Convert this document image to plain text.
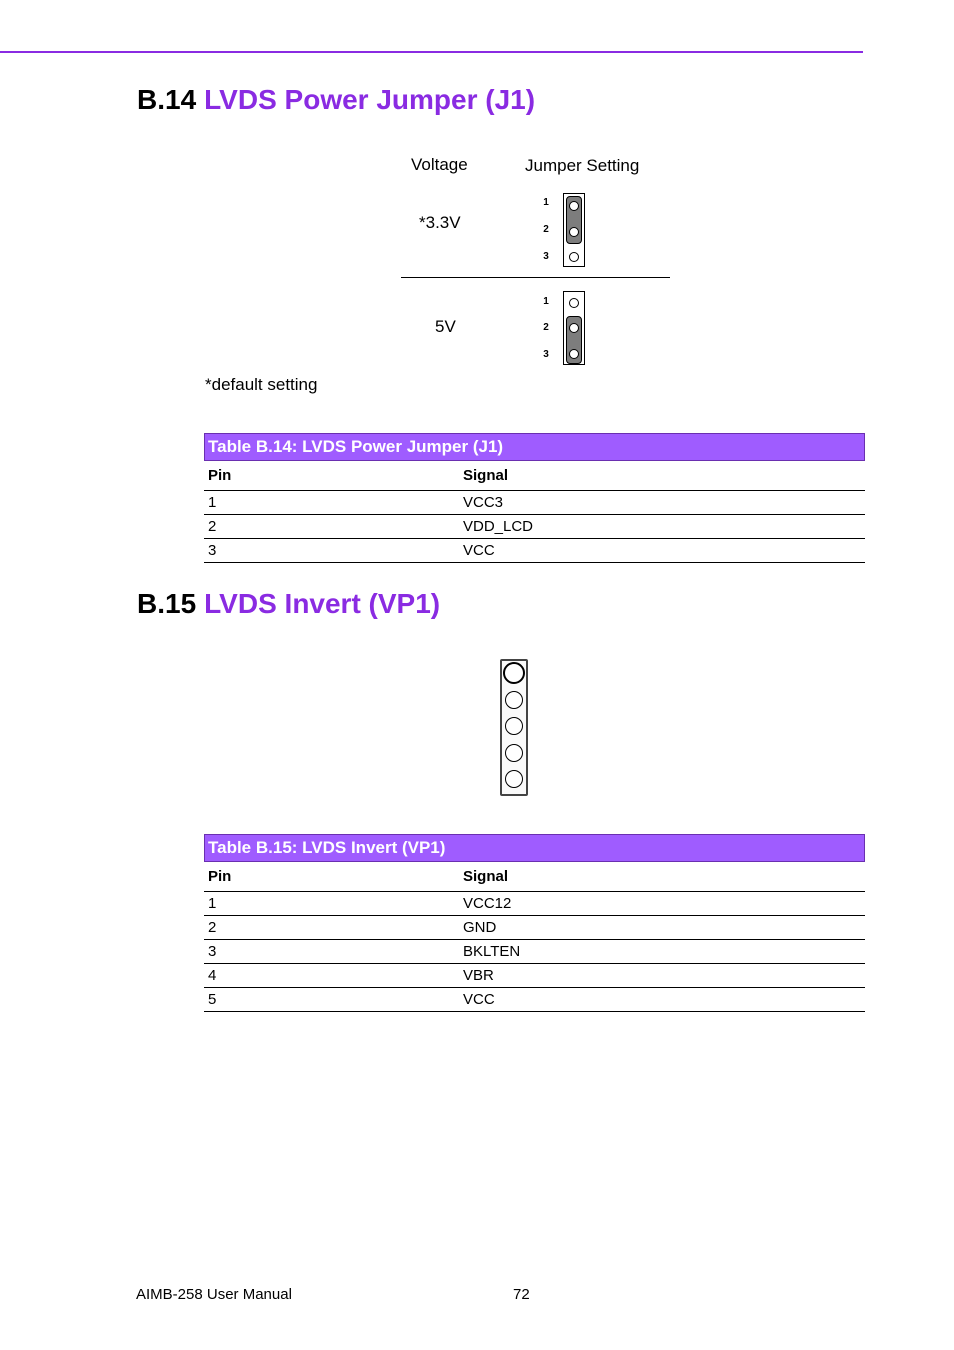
B.14 LVDS Power Jumper (J1)
Voltage	Jumper Setting
*3.3V
1
2
3
5V
1
2
3
*default setting
Table B.14: LVDS Power Jumper (J1)
Pin	Signal
1	VCC3
2	VDD_LCD
3	VCC
B.15 LVDS Invert (VP1)
Table B.15: LVDS Invert (VP1)
Pin	Signal
1	VCC12
2	GND
3	BKLTEN
4	VBR
5	VCC
AIMB-258 User Manual	72
